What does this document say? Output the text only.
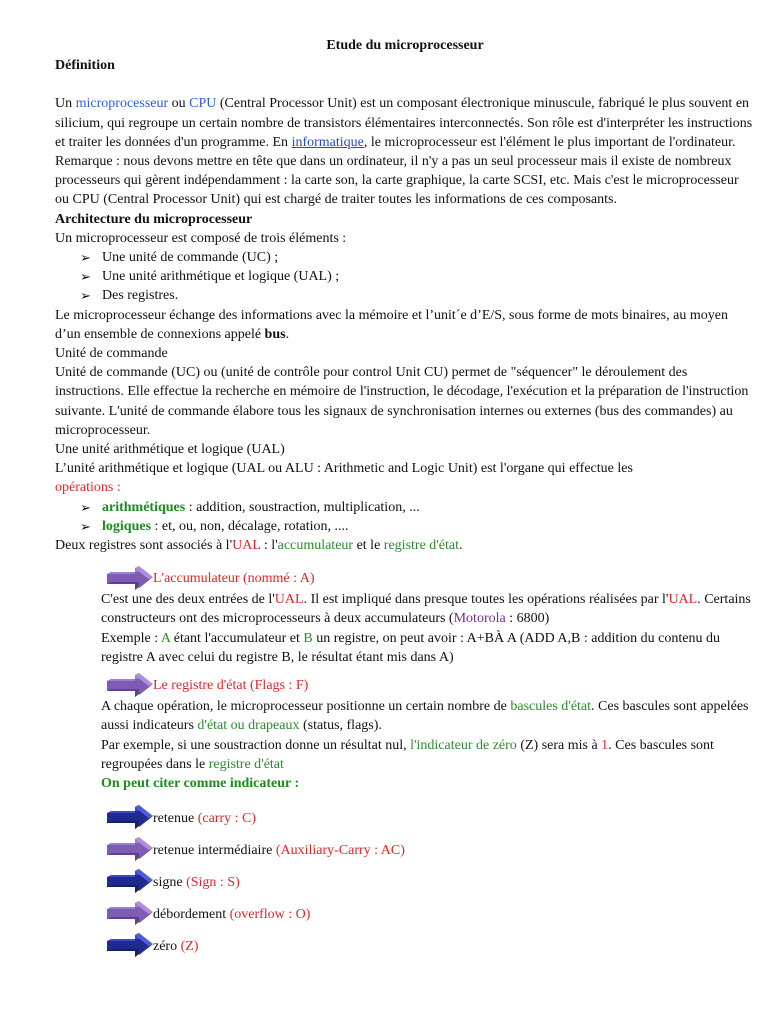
Etude du microprocesseur

Définition

Un microprocesseur ou CPU (Central Processor Unit) est un composant électronique minuscule, fabriqué le plus souvent en silicium, qui regroupe un certain nombre de transistors élémentaires interconnectés. Son rôle est d'interpréter les instructions et traiter les données d'un programme. En informatique, le microprocesseur est l'élément le plus important de l'ordinateur.

Remarque : nous devons mettre en tête que dans un ordinateur, il n'y a pas un seul processeur mais il existe de nombreux processeurs qui gèrent indépendamment : la carte son, la carte graphique, la carte SCSI, etc. Mais c'est le microprocesseur ou CPU (Central Processor Unit) qui est chargé de traiter toutes les informations de ces composants.

Architecture du microprocesseur

Un microprocesseur est composé de trois éléments :

➢ Une unité de commande (UC) ;
➢ Une unité arithmétique et logique (UAL) ;
➢ Des registres.

Le microprocesseur échange des informations avec la mémoire et l’unit´e d’E/S, sous forme de mots binaires, au moyen d’un ensemble de connexions appelé bus.

Unité de commande

Unité de commande (UC) ou (unité de contrôle pour control Unit CU) permet de "séquencer" le déroulement des instructions. Elle effectue la recherche en mémoire de l'instruction, le décodage, l'exécution et la préparation de l'instruction suivante. L'unité de commande élabore tous les signaux de synchronisation internes ou externes (bus des commandes) au microprocesseur.

Une unité arithmétique et logique (UAL)

L’unité arithmétique et logique (UAL ou ALU : Arithmetic and Logic Unit) est l'organe qui effectue les
opérations :

➢ arithmétiques : addition, soustraction, multiplication, ...
➢ logiques : et, ou, non, décalage, rotation, ....

Deux registres sont associés à l'UAL : l'accumulateur et le registre d'état.

L'accumulateur (nommé : A)

C'est une des deux entrées de l'UAL. Il est impliqué dans presque toutes les opérations réalisées par l'UAL. Certains constructeurs ont des microprocesseurs à deux accumulateurs (Motorola : 6800)

Exemple : A étant l'accumulateur et B un registre, on peut avoir : A+BÀ A (ADD A,B : addition du contenu du registre A avec celui du registre B, le résultat étant mis dans A)

Le registre d'état (Flags : F)

A chaque opération, le microprocesseur positionne un certain nombre de bascules d'état. Ces bascules sont appelées aussi indicateurs d'état ou drapeaux (status, flags).

Par exemple, si une soustraction donne un résultat nul, l'indicateur de zéro (Z) sera mis à 1. Ces bascules sont regroupées dans le registre d'état

On peut citer comme indicateur :

retenue (carry : C)
retenue intermédiaire (Auxiliary-Carry : AC)
signe (Sign : S)
débordement (overflow : O)
zéro (Z)
